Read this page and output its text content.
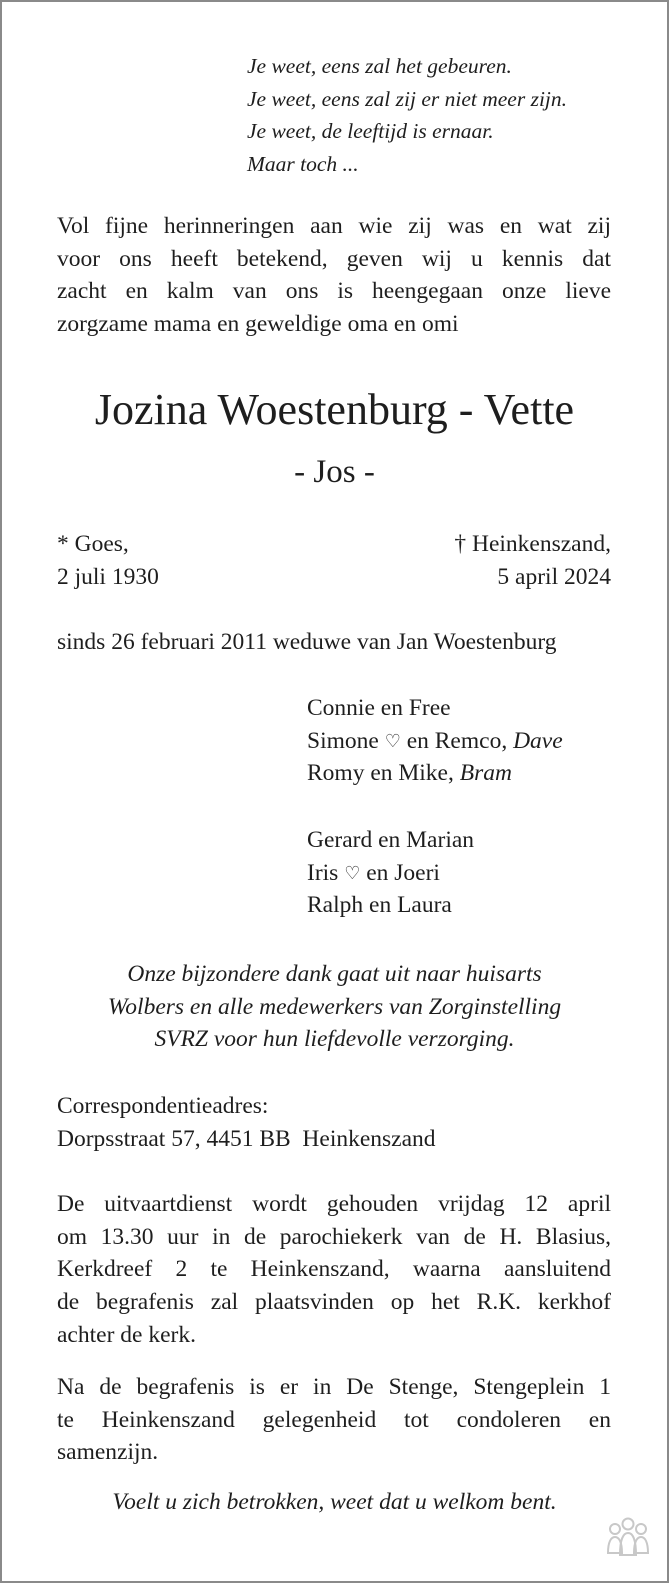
Je weet, eens zal het gebeuren.
Je weet, eens zal zij er niet meer zijn.
Je weet, de leeftijd is ernaar.
Maar toch ...
Vol fijne herinneringen aan wie zij was en wat zij
voor ons heeft betekend, geven wij u kennis dat
zacht en kalm van ons is heengegaan onze lieve
zorgzame mama en geweldige oma en omi
Jozina Woestenburg - Vette
- Jos -
* Goes,
2 juli 1930
† Heinkenszand,
5 april 2024
sinds 26 februari 2011 weduwe van Jan Woestenburg
Connie en Free
Simone ♡ en Remco, Dave
Romy en Mike, Bram
Gerard en Marian
Iris ♡ en Joeri
Ralph en Laura
Onze bijzondere dank gaat uit naar huisarts
Wolbers en alle medewerkers van Zorginstelling
SVRZ voor hun liefdevolle verzorging.
Correspondentieadres:
Dorpsstraat 57, 4451 BB  Heinkenszand
De uitvaartdienst wordt gehouden vrijdag 12 april
om 13.30 uur in de parochiekerk van de H. Blasius,
Kerkdreef 2 te Heinkenszand, waarna aansluitend
de begrafenis zal plaatsvinden op het R.K. kerkhof
achter de kerk.
Na de begrafenis is er in De Stenge, Stengeplein 1
te Heinkenszand gelegenheid tot condoleren en
samenzijn.
Voelt u zich betrokken, weet dat u welkom bent.
